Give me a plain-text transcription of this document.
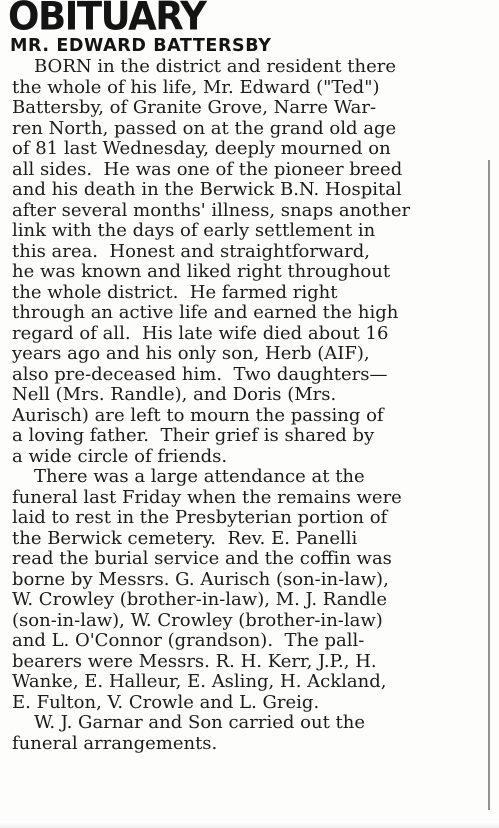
OBITUARY
MR. EDWARD BATTERSBY
BORN in the district and resident there
the whole of his life, Mr. Edward ("Ted")
Battersby, of Granite Grove, Narre War-
ren North, passed on at the grand old age
of 81 last Wednesday, deeply mourned on
all sides.  He was one of the pioneer breed
and his death in the Berwick B.N. Hospital
after several months' illness, snaps another
link with the days of early settlement in
this area.  Honest and straightforward,
he was known and liked right throughout
the whole district.  He farmed right
through an active life and earned the high
regard of all.  His late wife died about 16
years ago and his only son, Herb (AIF),
also pre-deceased him.  Two daughters—
Nell (Mrs. Randle), and Doris (Mrs.
Aurisch) are left to mourn the passing of
a loving father.  Their grief is shared by
a wide circle of friends.
There was a large attendance at the
funeral last Friday when the remains were
laid to rest in the Presbyterian portion of
the Berwick cemetery.  Rev. E. Panelli
read the burial service and the coffin was
borne by Messrs. G. Aurisch (son-in-law),
W. Crowley (brother-in-law), M. J. Randle
(son-in-law), W. Crowley (brother-in-law)
and L. O'Connor (grandson).  The pall-
bearers were Messrs. R. H. Kerr, J.P., H.
Wanke, E. Halleur, E. Asling, H. Ackland,
E. Fulton, V. Crowle and L. Greig.
W. J. Garnar and Son carried out the
funeral arrangements.
